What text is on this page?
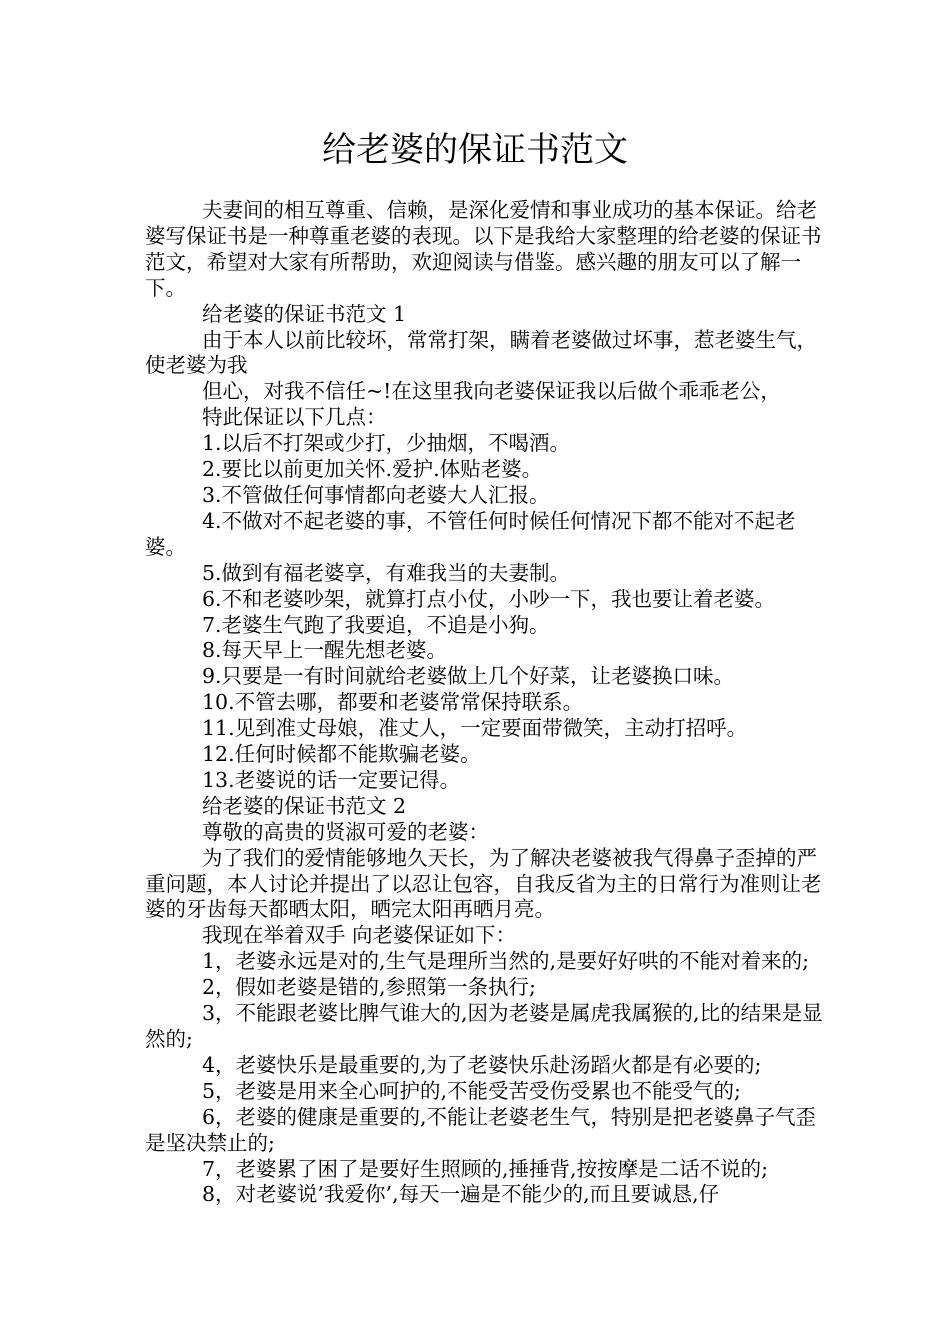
给老婆的保证书范文

夫妻间的相互尊重、信赖，是深化爱情和事业成功的基本保证。给老婆写保证书是一种尊重老婆的表现。以下是我给大家整理的给老婆的保证书范文，希望对大家有所帮助，欢迎阅读与借鉴。感兴趣的朋友可以了解一下。

给老婆的保证书范文 1

由于本人以前比较坏，常常打架，瞒着老婆做过坏事，惹老婆生气，使老婆为我

但心，对我不信任~!在这里我向老婆保证我以后做个乖乖老公，

特此保证以下几点：

1.以后不打架或少打，少抽烟，不喝酒。

2.要比以前更加关怀.爱护.体贴老婆。

3.不管做任何事情都向老婆大人汇报。

4.不做对不起老婆的事，不管任何时候任何情况下都不能对不起老婆。

5.做到有福老婆享，有难我当的夫妻制。

6.不和老婆吵架，就算打点小仗，小吵一下，我也要让着老婆。

7.老婆生气跑了我要追，不追是小狗。

8.每天早上一醒先想老婆。

9.只要是一有时间就给老婆做上几个好菜，让老婆换口味。

10.不管去哪，都要和老婆常常保持联系。

11.见到准丈母娘，准丈人，一定要面带微笑，主动打招呼。

12.任何时候都不能欺骗老婆。

13.老婆说的话一定要记得。

给老婆的保证书范文 2

尊敬的高贵的贤淑可爱的老婆：

为了我们的爱情能够地久天长，为了解决老婆被我气得鼻子歪掉的严重问题，本人讨论并提出了以忍让包容，自我反省为主的日常行为准则让老婆的牙齿每天都晒太阳，晒完太阳再晒月亮。

我现在举着双手 向老婆保证如下：

1，老婆永远是对的,生气是理所当然的,是要好好哄的不能对着来的;

2，假如老婆是错的,参照第一条执行;

3，不能跟老婆比脾气谁大的,因为老婆是属虎我属猴的,比的结果是显然的;

4，老婆快乐是最重要的,为了老婆快乐赴汤蹈火都是有必要的;

5，老婆是用来全心呵护的,不能受苦受伤受累也不能受气的;

6，老婆的健康是重要的,不能让老婆老生气，特别是把老婆鼻子气歪是坚决禁止的;

7，老婆累了困了是要好生照顾的,捶捶背,按按摩是二话不说的;

8，对老婆说’我爱你’,每天一遍是不能少的,而且要诚恳,仔
